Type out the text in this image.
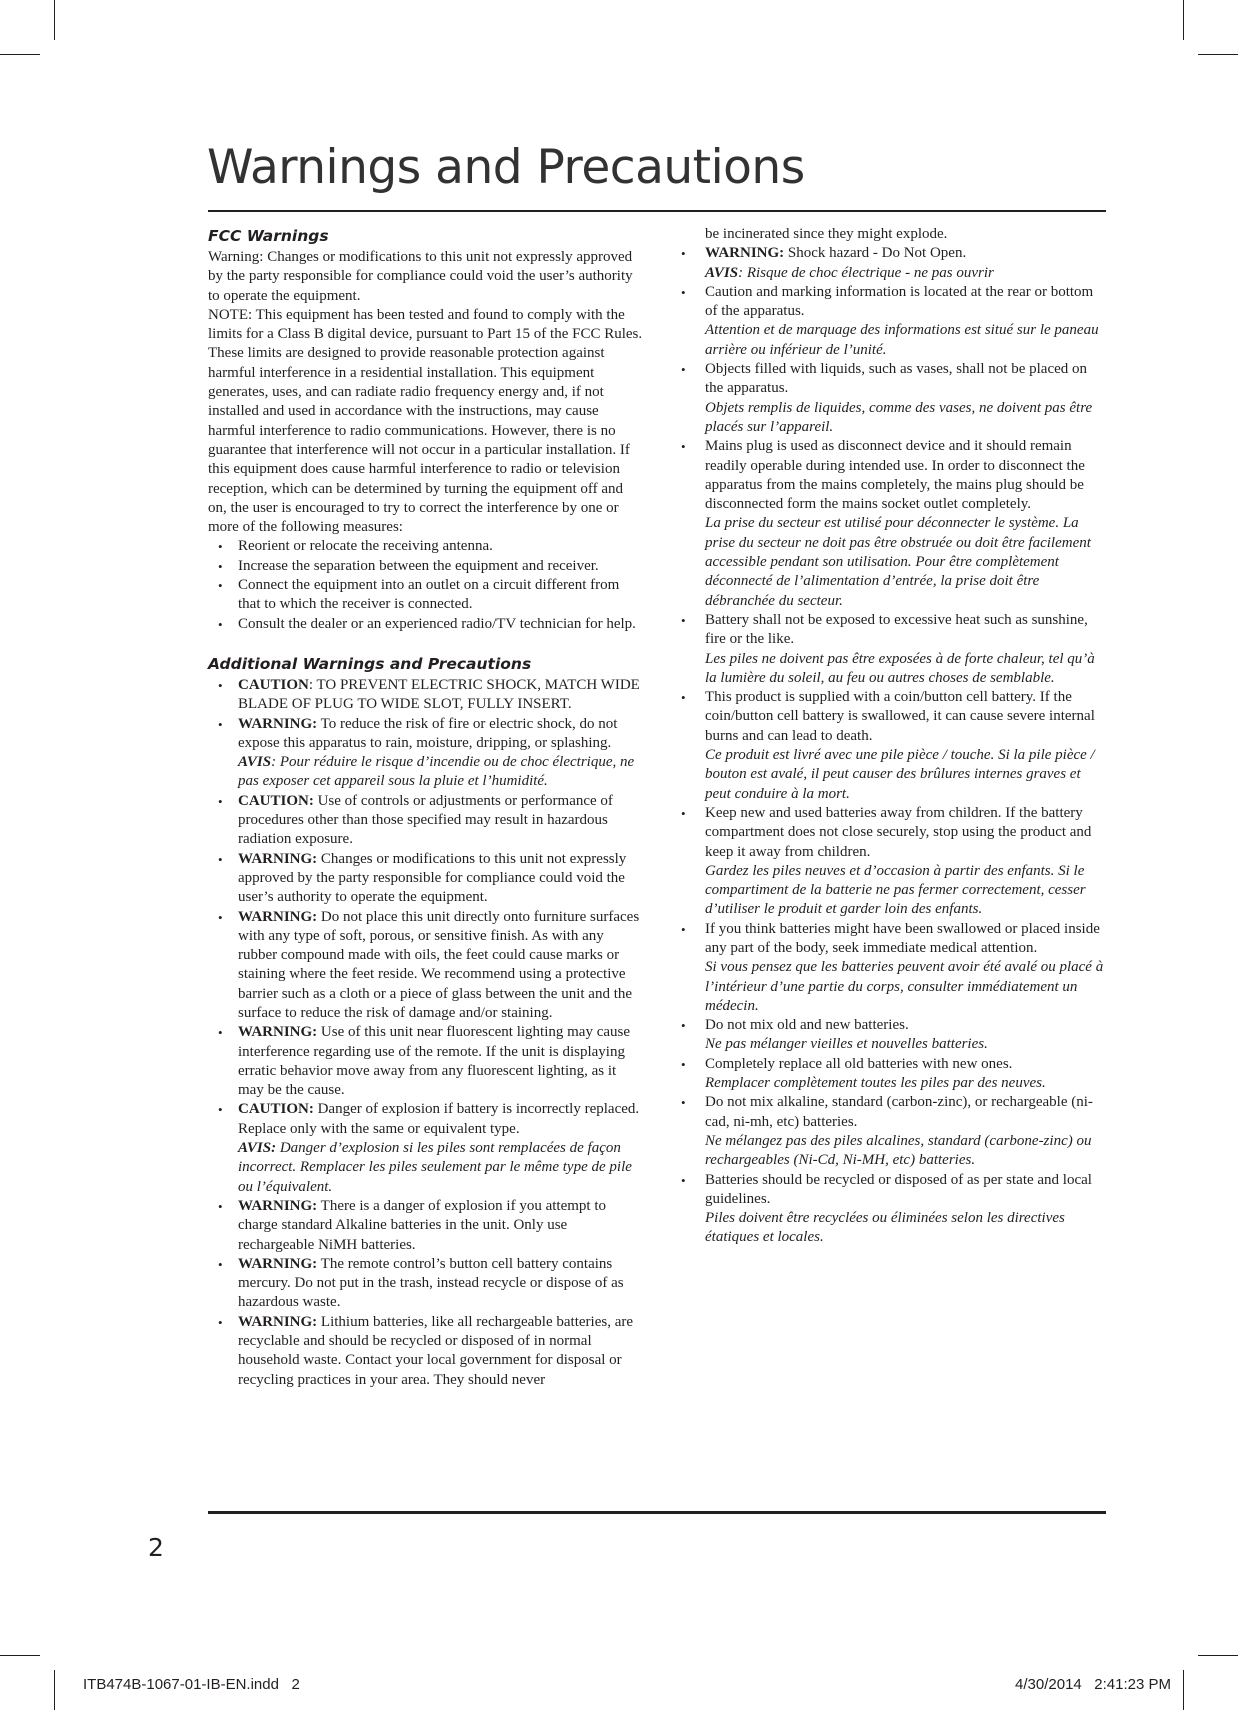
Warnings and Precautions
FCC Warnings

Warning: Changes or modifications to this unit not expressly approved by the party responsible for compliance could void the user’s authority to operate the equipment.

NOTE: This equipment has been tested and found to comply with the limits for a Class B digital device, pursuant to Part 15 of the FCC Rules. These limits are designed to provide reasonable protection against harmful interference in a residential installation. This equipment generates, uses, and can radiate radio frequency energy and, if not installed and used in accordance with the instructions, may cause harmful interference to radio communications. However, there is no guarantee that interference will not occur in a particular installation. If this equipment does cause harmful interference to radio or television reception, which can be determined by turning the equipment off and on, the user is encouraged to try to correct the interference by one or more of the following measures:

• Reorient or relocate the receiving antenna.
• Increase the separation between the equipment and receiver.
• Connect the equipment into an outlet on a circuit different from that to which the receiver is connected.
• Consult the dealer or an experienced radio/TV technician for help.
Additional Warnings and Precautions
• CAUTION: TO PREVENT ELECTRIC SHOCK, MATCH WIDE BLADE OF PLUG TO WIDE SLOT, FULLY INSERT.
• WARNING: To reduce the risk of fire or electric shock, do not expose this apparatus to rain, moisture, dripping, or splashing.
AVIS: Pour réduire le risque d’incendie ou de choc électrique, ne pas exposer cet appareil sous la pluie et l’humidité.
• CAUTION: Use of controls or adjustments or performance of procedures other than those specified may result in hazardous radiation exposure.
• WARNING: Changes or modifications to this unit not expressly approved by the party responsible for compliance could void the user’s authority to operate the equipment.
• WARNING: Do not place this unit directly onto furniture surfaces with any type of soft, porous, or sensitive finish. As with any rubber compound made with oils, the feet could cause marks or staining where the feet reside. We recommend using a protective barrier such as a cloth or a piece of glass between the unit and the surface to reduce the risk of damage and/or staining.
• WARNING: Use of this unit near fluorescent lighting may cause interference regarding use of the remote. If the unit is displaying erratic behavior move away from any fluorescent lighting, as it may be the cause.
• CAUTION: Danger of explosion if battery is incorrectly replaced. Replace only with the same or equivalent type.
AVIS: Danger d’explosion si les piles sont remplacées de façon incorrect. Remplacer les piles seulement par le même type de pile ou l’équivalent.
• WARNING: There is a danger of explosion if you attempt to charge standard Alkaline batteries in the unit. Only use rechargeable NiMH batteries.
• WARNING: The remote control’s button cell battery contains mercury. Do not put in the trash, instead recycle or dispose of as hazardous waste.
• WARNING: Lithium batteries, like all rechargeable batteries, are recyclable and should be recycled or disposed of in normal household waste. Contact your local government for disposal or recycling practices in your area. They should never
be incinerated since they might explode.
• WARNING: Shock hazard - Do Not Open.
AVIS: Risque de choc électrique - ne pas ouvrir
• Caution and marking information is located at the rear or bottom of the apparatus.
Attention et de marquage des informations est situé sur le paneau arrière ou inférieur de l’unité.
• Objects filled with liquids, such as vases, shall not be placed on the apparatus.
Objets remplis de liquides, comme des vases, ne doivent pas être placés sur l’appareil.
• Mains plug is used as disconnect device and it should remain readily operable during intended use. In order to disconnect the apparatus from the mains completely, the mains plug should be disconnected form the mains socket outlet completely.
La prise du secteur est utilisé pour déconnecter le système. La prise du secteur ne doit pas être obstruée ou doit être facilement accessible pendant son utilisation. Pour être complètement déconnecté de l’alimentation d’entrée, la prise doit être débranchée du secteur.
• Battery shall not be exposed to excessive heat such as sunshine, fire or the like.
Les piles ne doivent pas être exposées à de forte chaleur, tel qu’à la lumière du soleil, au feu ou autres choses de semblable.
• This product is supplied with a coin/button cell battery. If the coin/button cell battery is swallowed, it can cause severe internal burns and can lead to death.
Ce produit est livré avec une pile pièce / touche. Si la pile pièce / bouton est avalé, il peut causer des brûlures internes graves et peut conduire à la mort.
• Keep new and used batteries away from children. If the battery compartment does not close securely, stop using the product and keep it away from children.
Gardez les piles neuves et d’occasion à partir des enfants. Si le compartiment de la batterie ne pas fermer correctement, cesser d’utiliser le produit et garder loin des enfants.
• If you think batteries might have been swallowed or placed inside any part of the body, seek immediate medical attention.
Si vous pensez que les batteries peuvent avoir été avalé ou placé à l’intérieur d’une partie du corps, consulter immédiatement un médecin.
• Do not mix old and new batteries.
Ne pas mélanger vieilles et nouvelles batteries.
• Completely replace all old batteries with new ones.
Remplacer complètement toutes les piles par des neuves.
• Do not mix alkaline, standard (carbon-zinc), or rechargeable (ni-cad, ni-mh, etc) batteries.
Ne mélangez pas des piles alcalines, standard (carbone-zinc) ou rechargeables (Ni-Cd, Ni-MH, etc) batteries.
• Batteries should be recycled or disposed of as per state and local guidelines.
Piles doivent être recyclées ou éliminées selon les directives étatiques et locales.
2
ITB474B-1067-01-IB-EN.indd   2	4/30/2014   2:41:23 PM
